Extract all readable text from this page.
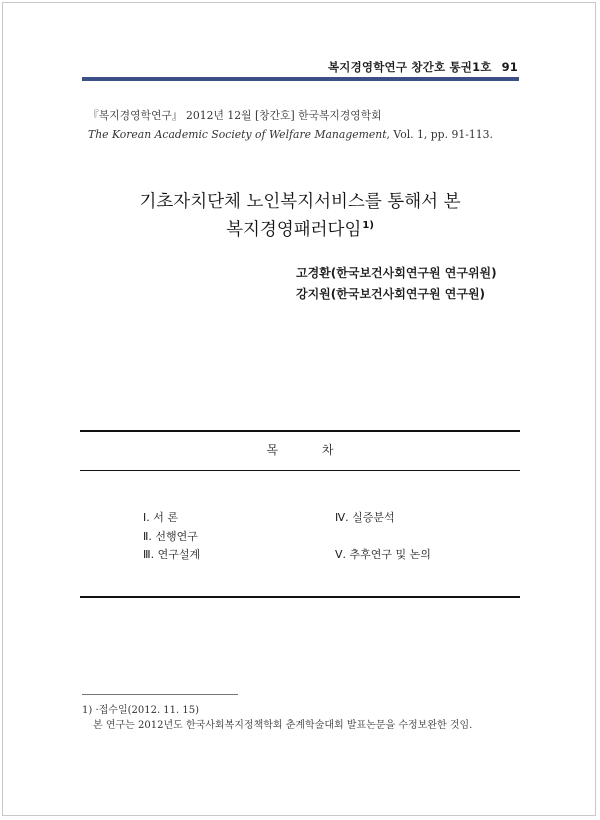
복지경영학연구 창간호 통권1호 91
『복지경영학연구』 2012년 12월 [창간호] 한국복지경영학회
The Korean Academic Society of Welfare Management, Vol. 1, pp. 91-113.
기초자치단체 노인복지서비스를 통해서 본
복지경영패러다임$^{1)}$
고경환(한국보건사회연구원 연구위원)
강지원(한국보건사회연구원 연구원)
목 차
Ⅰ. 서 론
Ⅱ. 선행연구
Ⅲ. 연구설계
Ⅳ. 실증분석
Ⅴ. 추후연구 및 논의
1) ·접수일(2012. 11. 15)
본 연구는 2012년도 한국사회복지정책학회 춘계학술대회 발표논문을 수정보완한 것임.
